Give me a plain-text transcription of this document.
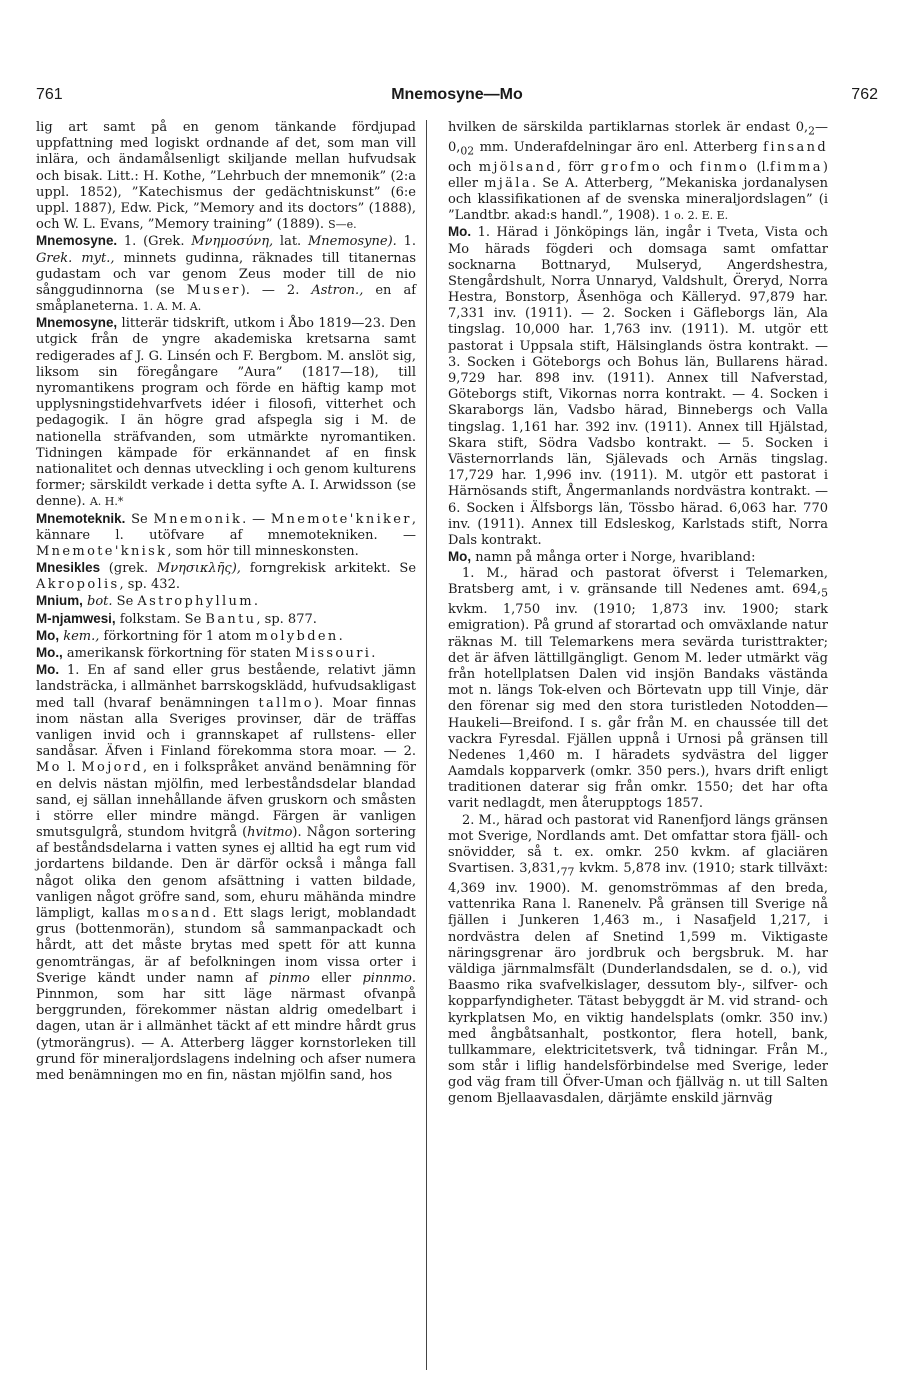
761	Mnemosyne—Mo	762

lig art samt på en genom tänkande fördjupad uppfattning med logiskt ordnande af det, som man vill inlära, och ändamålsenligt skiljande mellan hufvudsak och bisak. Litt.: H. Kothe, ”Lehrbuch der mnemonik” (2:a uppl. 1852), ”Katechismus der gedächtniskunst” (6:e uppl. 1887), Edw. Pick, ”Memory and its doctors” (1888), och W. L. Evans, ”Memory training” (1889). S—e.

Mnemosyne. 1. (Grek. Mνημοσύνη, lat. Mnemosyne). 1. Grek. myt., minnets gudinna, räknades till titanernas gudastam och var genom Zeus moder till de nio sånggudinnorna (se Muser). — 2. Astron., en af småplaneterna. 1. A. M. A.

Mnemosyne, litterär tidskrift, utkom i Åbo 1819—23. Den utgick från de yngre akademiska kretsarna samt redigerades af J. G. Linsén och F. Bergbom. M. anslöt sig, liksom sin föregångare ”Aura” (1817—18), till nyromantikens program och förde en häftig kamp mot upplysningstidehvarfvets idéer i filosofi, vitterhet och pedagogik. I än högre grad afspegla sig i M. de nationella sträfvanden, som utmärkte nyromantiken. Tidningen kämpade för erkännandet af en finsk nationalitet och dennas utveckling i och genom kulturens former; särskildt verkade i detta syfte A. I. Arwidsson (se denne). A. H.*

Mnemoteknik. Se Mnemonik. — Mnemote'kniker, kännare l. utöfvare af mnemotekniken. — Mnemote'knisk, som hör till minneskonsten.

Mnesikles (grek. Mνησικλῆς), forngrekisk arkitekt. Se Akropolis, sp. 432.

Mnium, bot. Se Astrophyllum.

M-njamwesi, folkstam. Se Bantu, sp. 877.

Mo, kem., förkortning för 1 atom molybden.

Mo., amerikansk förkortning för staten Missouri.

Mo. 1. En af sand eller grus bestående, relativt jämn landsträcka, i allmänhet barrskogsklädd, hufvudsakligast med tall (hvaraf benämningen tallmo). Moar finnas inom nästan alla Sveriges provinser, där de träffas vanligen invid och i grannskapet af rullstens- eller sandåsar. Äfven i Finland förekomma stora moar. — 2. Mo l. Mojord, en i folkspråket använd benämning för en delvis nästan mjölfin, med lerbeståndsdelar blandad sand, ej sällan innehållande äfven gruskorn och småsten i större eller mindre mängd. Färgen är vanligen smutsgulgrå, stundom hvitgrå (hvitmo). Någon sortering af beståndsdelarna i vatten synes ej alltid ha egt rum vid jordartens bildande. Den är därför också i många fall något olika den genom afsättning i vatten bildade, vanligen något gröfre sand, som, ehuru mähända mindre lämpligt, kallas mosand. Ett slags lerigt, moblandadt grus (bottenmorän), stundom så sammanpackadt och hårdt, att det måste brytas med spett för att kunna genomträngas, är af befolkningen inom vissa orter i Sverige kändt under namn af pinmo eller pinnmo. Pinnmon, som har sitt läge närmast ofvanpå berggrunden, förekommer nästan aldrig omedelbart i dagen, utan är i allmänhet täckt af ett mindre hårdt grus (ytmorängrus). — A. Atterberg lägger kornstorleken till grund för mineraljordslagens indelning och afser numera med benämningen mo en fin, nästan mjölfin sand, hos

hvilken de särskilda partiklarnas storlek är endast $0,_2—0,_{02}$ mm. Underafdelningar äro enl. Atterberg finsand och mjölsand, förr grofmo och finmo (l.fimma) eller mjäla. Se A. Atterberg, ”Mekaniska jordanalysen och klassifikationen af de svenska mineraljordslagen” (i ”Landtbr. akad:s handl.”, 1908). 1 o. 2. E. E.

Mo. 1. Härad i Jönköpings län, ingår i Tveta, Vista och Mo härads fögderi och domsaga samt omfattar socknarna Bottnaryd, Mulseryd, Angerdshestra, Stengårdshult, Norra Unnaryd, Valdshult, Öreryd, Norra Hestra, Bonstorp, Åsenhöga och Källeryd. 97,879 har. 7,331 inv. (1911). — 2. Socken i Gäfleborgs län, Ala tingslag. 10,000 har. 1,763 inv. (1911). M. utgör ett pastorat i Uppsala stift, Hälsinglands östra kontrakt. — 3. Socken i Göteborgs och Bohus län, Bullarens härad. 9,729 har. 898 inv. (1911). Annex till Nafverstad, Göteborgs stift, Vikornas norra kontrakt. — 4. Socken i Skaraborgs län, Vadsbo härad, Binnebergs och Valla tingslag. 1,161 har. 392 inv. (1911). Annex till Hjälstad, Skara stift, Södra Vadsbo kontrakt. — 5. Socken i Västernorrlands län, Själevads och Arnäs tingslag. 17,729 har. 1,996 inv. (1911). M. utgör ett pastorat i Härnösands stift, Ångermanlands nordvästra kontrakt. — 6. Socken i Älfsborgs län, Tössbo härad. 6,063 har. 770 inv. (1911). Annex till Edsleskog, Karlstads stift, Norra Dals kontrakt.

Mo, namn på många orter i Norge, hvaribland:

1. M., härad och pastorat öfverst i Telemarken, Bratsberg amt, i v. gränsande till Nedenes amt. $694,_5$ kvkm. 1,750 inv. (1910; 1,873 inv. 1900; stark emigration). På grund af storartad och omväxlande natur räknas M. till Telemarkens mera sevärda turisttrakter; det är äfven lättillgängligt. Genom M. leder utmärkt väg från hotellplatsen Dalen vid insjön Bandaks västända mot n. längs Tok-elven och Börtevatn upp till Vinje, där den förenar sig med den stora turistleden Notodden—Haukeli—Breifond. I s. går från M. en chaussée till det vackra Fyresdal. Fjällen uppnå i Urnosi på gränsen till Nedenes 1,460 m. I häradets sydvästra del ligger Aamdals kopparverk (omkr. 350 pers.), hvars drift enligt traditionen daterar sig från omkr. 1550; det har ofta varit nedlagdt, men återupptogs 1857.

2. M., härad och pastorat vid Ranenfjord längs gränsen mot Sverige, Nordlands amt. Det omfattar stora fjäll- och snövidder, så t. ex. omkr. 250 kvkm. af glaciären Svartisen. $3,831,_{77}$ kvkm. 5,878 inv. (1910; stark tillväxt: 4,369 inv. 1900). M. genomströmmas af den breda, vattenrika Rana l. Ranenelv. På gränsen till Sverige nå fjällen i Junkeren 1,463 m., i Nasafjeld 1,217, i nordvästra delen af Snetind 1,599 m. Viktigaste näringsgrenar äro jordbruk och bergsbruk. M. har väldiga järnmalmsfält (Dunderlandsdalen, se d. o.), vid Baasmo rika svafvelkislager, dessutom bly-, silfver- och kopparfyndigheter. Tätast bebyggdt är M. vid strand- och kyrkplatsen Mo, en viktig handelsplats (omkr. 350 inv.) med ångbåtsanhalt, postkontor, flera hotell, bank, tullkammare, elektricitetsverk, två tidningar. Från M., som står i liflig handelsförbindelse med Sverige, leder god väg fram till Öfver-Uman och fjällväg n. ut till Salten genom Bjellaavasdalen, därjämte enskild järnväg
